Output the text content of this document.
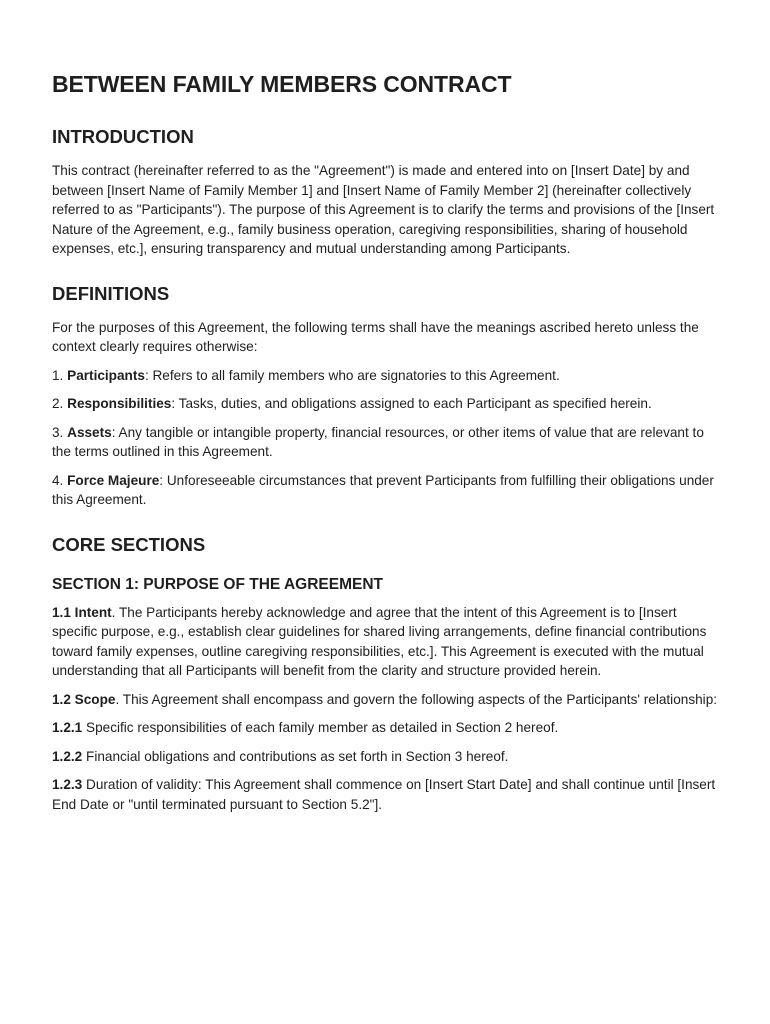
BETWEEN FAMILY MEMBERS CONTRACT
INTRODUCTION

This contract (hereinafter referred to as the "Agreement") is made and entered into on [Insert Date] by and between [Insert Name of Family Member 1] and [Insert Name of Family Member 2] (hereinafter collectively referred to as "Participants"). The purpose of this Agreement is to clarify the terms and provisions of the [Insert Nature of the Agreement, e.g., family business operation, caregiving responsibilities, sharing of household expenses, etc.], ensuring transparency and mutual understanding among Participants.

DEFINITIONS

For the purposes of this Agreement, the following terms shall have the meanings ascribed hereto unless the context clearly requires otherwise:

1. Participants: Refers to all family members who are signatories to this Agreement.

2. Responsibilities: Tasks, duties, and obligations assigned to each Participant as specified herein.

3. Assets: Any tangible or intangible property, financial resources, or other items of value that are relevant to the terms outlined in this Agreement.

4. Force Majeure: Unforeseeable circumstances that prevent Participants from fulfilling their obligations under this Agreement.

CORE SECTIONS
SECTION 1: PURPOSE OF THE AGREEMENT

1.1 Intent. The Participants hereby acknowledge and agree that the intent of this Agreement is to [Insert specific purpose, e.g., establish clear guidelines for shared living arrangements, define financial contributions toward family expenses, outline caregiving responsibilities, etc.]. This Agreement is executed with the mutual understanding that all Participants will benefit from the clarity and structure provided herein.

1.2 Scope. This Agreement shall encompass and govern the following aspects of the Participants' relationship:

1.2.1 Specific responsibilities of each family member as detailed in Section 2 hereof.

1.2.2 Financial obligations and contributions as set forth in Section 3 hereof.

1.2.3 Duration of validity: This Agreement shall commence on [Insert Start Date] and shall continue until [Insert End Date or "until terminated pursuant to Section 5.2"].
